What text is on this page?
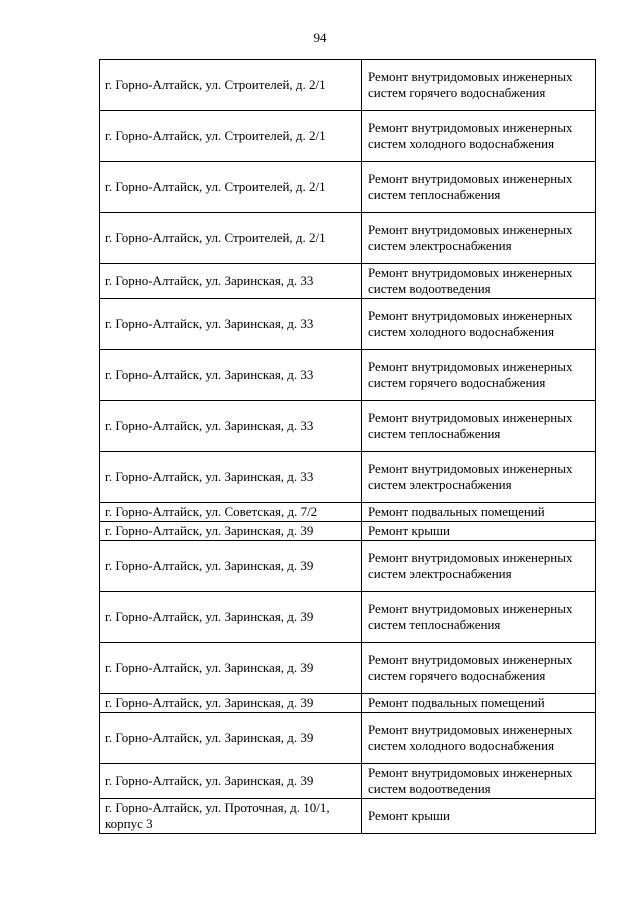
94
г. Горно-Алтайск, ул. Строителей, д. 2/1	Ремонт внутридомовых инженерных систем горячего водоснабжения
г. Горно-Алтайск, ул. Строителей, д. 2/1	Ремонт внутридомовых инженерных систем холодного водоснабжения
г. Горно-Алтайск, ул. Строителей, д. 2/1	Ремонт внутридомовых инженерных систем теплоснабжения
г. Горно-Алтайск, ул. Строителей, д. 2/1	Ремонт внутридомовых инженерных систем электроснабжения
г. Горно-Алтайск, ул. Заринская, д. 33	Ремонт внутридомовых инженерных систем водоотведения
г. Горно-Алтайск, ул. Заринская, д. 33	Ремонт внутридомовых инженерных систем холодного водоснабжения
г. Горно-Алтайск, ул. Заринская, д. 33	Ремонт внутридомовых инженерных систем горячего водоснабжения
г. Горно-Алтайск, ул. Заринская, д. 33	Ремонт внутридомовых инженерных систем теплоснабжения
г. Горно-Алтайск, ул. Заринская, д. 33	Ремонт внутридомовых инженерных систем электроснабжения
г. Горно-Алтайск, ул. Советская, д. 7/2	Ремонт подвальных помещений
г. Горно-Алтайск, ул. Заринская, д. 39	Ремонт крыши
г. Горно-Алтайск, ул. Заринская, д. 39	Ремонт внутридомовых инженерных систем электроснабжения
г. Горно-Алтайск, ул. Заринская, д. 39	Ремонт внутридомовых инженерных систем теплоснабжения
г. Горно-Алтайск, ул. Заринская, д. 39	Ремонт внутридомовых инженерных систем горячего водоснабжения
г. Горно-Алтайск, ул. Заринская, д. 39	Ремонт подвальных помещений
г. Горно-Алтайск, ул. Заринская, д. 39	Ремонт внутридомовых инженерных систем холодного водоснабжения
г. Горно-Алтайск, ул. Заринская, д. 39	Ремонт внутридомовых инженерных систем водоотведения
г. Горно-Алтайск, ул. Проточная, д. 10/1, корпус 3	Ремонт крыши
